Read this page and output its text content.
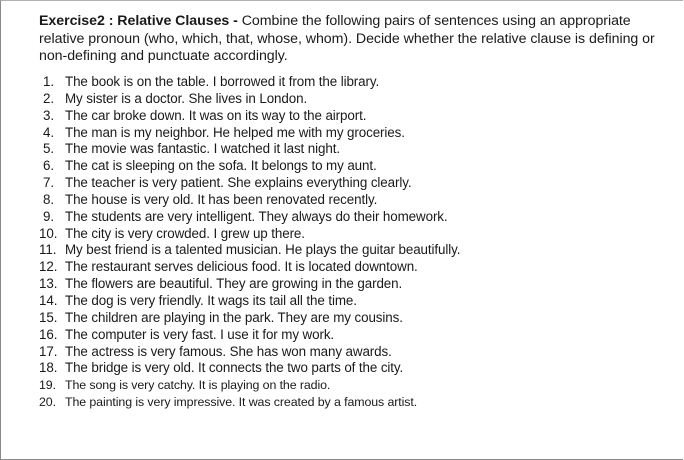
Exercise2 : Relative Clauses - Combine the following pairs of sentences using an appropriate relative pronoun (who, which, that, whose, whom). Decide whether the relative clause is defining or non-defining and punctuate accordingly.
1. The book is on the table. I borrowed it from the library.
2. My sister is a doctor. She lives in London.
3. The car broke down. It was on its way to the airport.
4. The man is my neighbor. He helped me with my groceries.
5. The movie was fantastic. I watched it last night.
6. The cat is sleeping on the sofa. It belongs to my aunt.
7. The teacher is very patient. She explains everything clearly.
8. The house is very old. It has been renovated recently.
9. The students are very intelligent. They always do their homework.
10. The city is very crowded. I grew up there.
11. My best friend is a talented musician. He plays the guitar beautifully.
12. The restaurant serves delicious food. It is located downtown.
13. The flowers are beautiful. They are growing in the garden.
14. The dog is very friendly. It wags its tail all the time.
15. The children are playing in the park. They are my cousins.
16. The computer is very fast. I use it for my work.
17. The actress is very famous. She has won many awards.
18. The bridge is very old. It connects the two parts of the city.
19. The song is very catchy. It is playing on the radio.
20. The painting is very impressive. It was created by a famous artist.
